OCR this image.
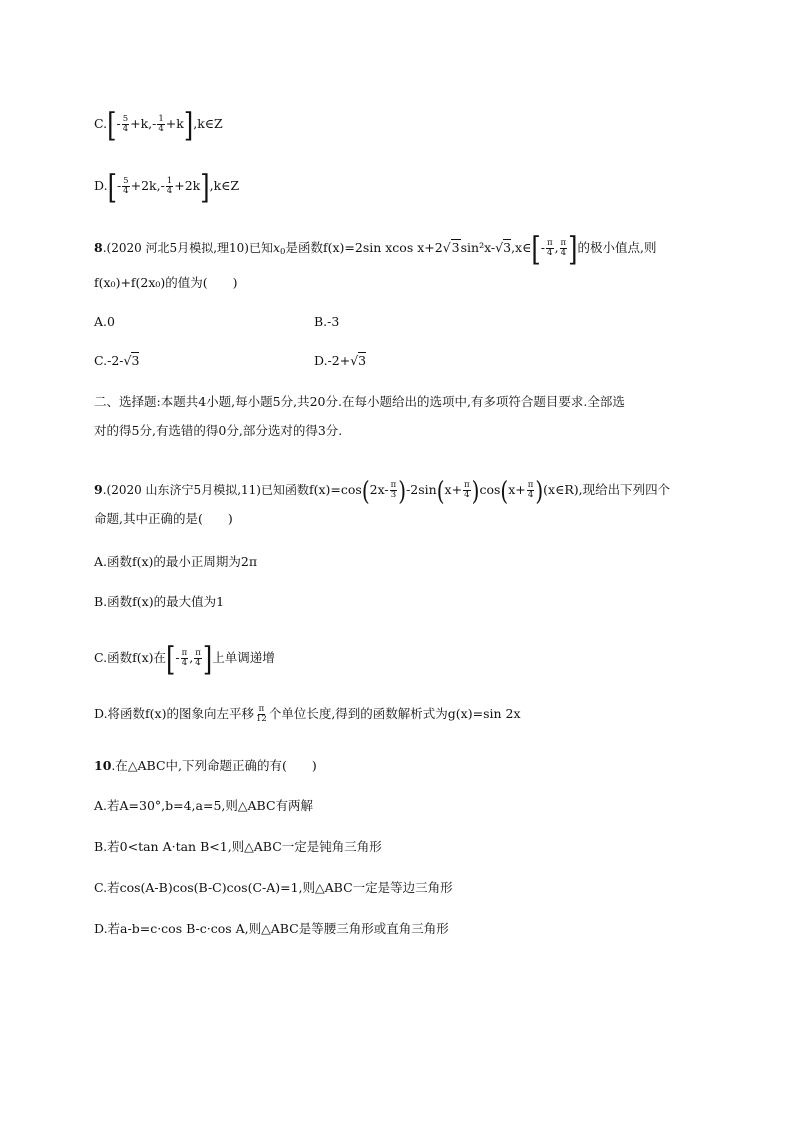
$C.[- \frac{5}{4} +k,- \frac{1}{4}$ +k],k∈Z
$D.[- \frac{5}{4} +2k,- \frac{1}{4}$ +2k],k∈Z
8.(2020 河北5月模拟,理10)已知$x_0$是函数f(x)=2sin xcos x+2√3sin²x-√3,x∈[- $\frac{\pi}{4}$ , $\frac{\pi}{4}$ ]的极小值点,则
f(x₀)+f(2x₀)的值为(　　)
A.0	B.-3
C.-2-√3	D.-2+√3
二、选择题:本题共4小题,每小题5分,共20分.在每小题给出的选项中,有多项符合题目要求.全部选
对的得5分,有选错的得0分,部分选对的得3分.
9.(2020 山东济宁5月模拟,11)已知函数$f(x)=\cos(2x- \frac{\pi}{3} )-2\sin(x+ \frac{\pi}{4} )\cos(x+ \frac{\pi}{4}$ )(x∈R),现给出下列四个
命题,其中正确的是(　　)
A.函数f(x)的最小正周期为2π
B.函数f(x)的最大值为1
C.函数f(x)在[- $\frac{\pi}{4}$ , $\frac{\pi}{4}$ ]上单调递增
D.将函数f(x)的图象向左平移 $\frac{\pi}{12}$ 个单位长度,得到的函数解析式为g(x)=sin 2x
10.在△ABC中,下列命题正确的有(　　)
A.若A=30°,b=4,a=5,则△ABC有两解
B.若0<tan A·tan B<1,则△ABC一定是钝角三角形
C.若cos(A-B)cos(B-C)cos(C-A)=1,则△ABC一定是等边三角形
D.若a-b=c·cos B-c·cos A,则△ABC是等腰三角形或直角三角形
